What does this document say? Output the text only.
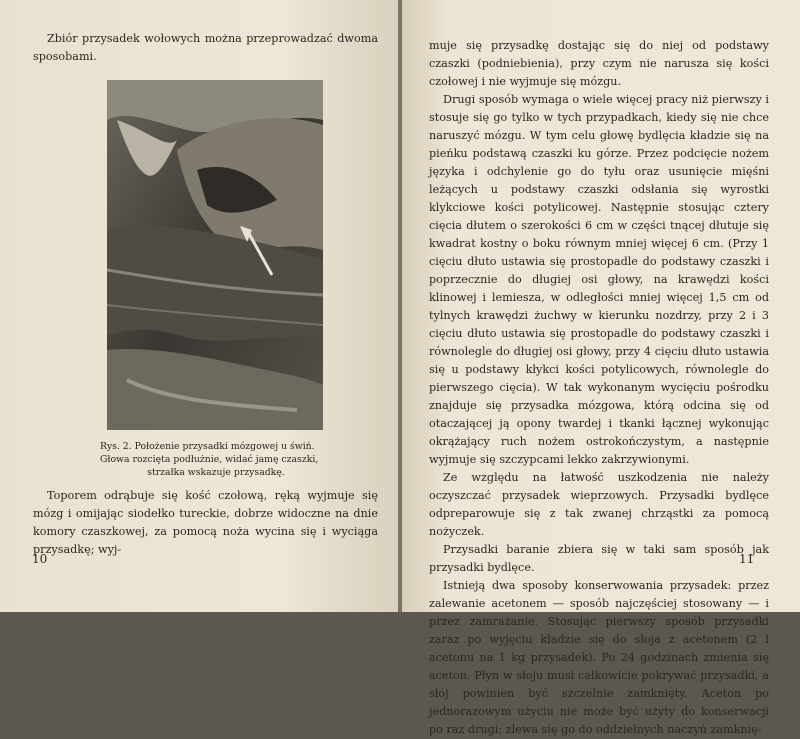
Zbiór przysadek wołowych można przeprowadzać dwoma sposobami.

Rys. 2. Położenie przysadki mózgowej u świń.
Głowa rozcięta podłużnie, widać jamę czaszki,
strzałka wskazuje przysadkę.

Toporem odrąbuje się kość czołową, ręką wyjmuje się mózg i omijając siodełko tureckie, dobrze widoczne na dnie komory czaszkowej, za pomocą noża wycina się i wyciąga przysadkę; wyj-

10

muje się przysadkę dostając się do niej od podstawy czaszki (podniebienia), przy czym nie narusza się kości czołowej i nie wyjmuje się mózgu.

Drugi sposób wymaga o wiele więcej pracy niż pierwszy i stosuje się go tylko w tych przypadkach, kiedy się nie chce naruszyć mózgu. W tym celu głowę bydlęcia kładzie się na pieńku podstawą czaszki ku górze. Przez podcięcie nożem języka i odchylenie go do tyłu oraz usunięcie mięśni leżących u podstawy czaszki odsłania się wyrostki klykciowe kości potylicowej. Następnie stosując cztery cięcia dłutem o szerokości 6 cm w części tnącej dłutuje się kwadrat kostny o boku równym mniej więcej 6 cm. (Przy 1 cięciu dłuto ustawia się prostopadle do podstawy czaszki i poprzecznie do długiej osi głowy, na krawędzi kości klinowej i lemiesza, w odległości mniej więcej 1,5 cm od tylnych krawędzi żuchwy w kierunku nozdrzy, przy 2 i 3 cięciu dłuto ustawia się prostopadle do podstawy czaszki i równolegle do długiej osi głowy, przy 4 cięciu dłuto ustawia się u podstawy kłykci kości potylicowych, równolegle do pierwszego cięcia). W tak wykonanym wycięciu pośrodku znajduje się przysadka mózgowa, którą odcina się od otaczającej ją opony twardej i tkanki łącznej wykonując okrążający ruch nożem ostrokończystym, a następnie wyjmuje się szczypcami lekko zakrzywionymi.

Ze względu na łatwość uszkodzenia nie należy oczyszczać przysadek wieprzowych. Przysadki bydlęce odpreparowuje się z tak zwanej chrząstki za pomocą nożyczek.

Przysadki baranie zbiera się w taki sam sposób jak przysadki bydlęce.

Istnieją dwa sposoby konserwowania przysadek: przez zalewanie acetonem — sposób najczęściej stosowany — i przez zamrażanie. Stosując pierwszy sposób przysadki zaraz po wyjęciu kładzie się do słoja z acetonem (2 l acetonu na 1 kg przysadek). Po 24 godzinach zmienia się aceton. Płyn w słoju musi całkowicie pokrywać przysadki, a słój powinien być szczelnie zamknięty. Aceton po jednorazowym użyciu nie może być użyty do konserwacji po raz drugi; zlewa się go do oddzielnych naczyń zamknię-

11
